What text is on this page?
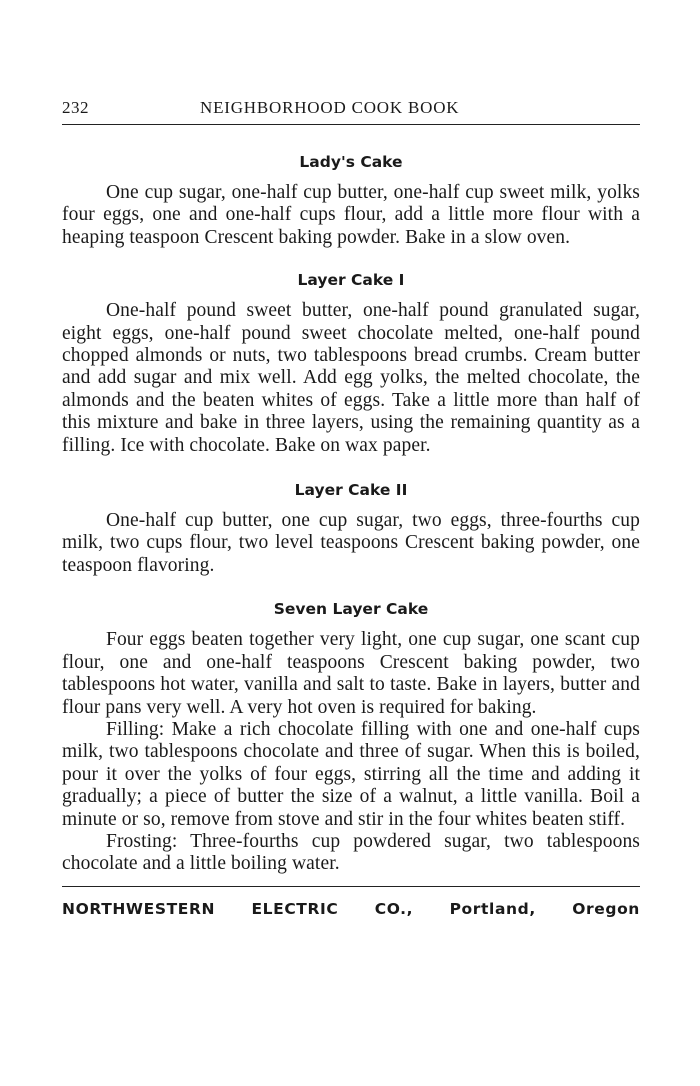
232	NEIGHBORHOOD COOK BOOK
Lady's Cake

One cup sugar, one-half cup butter, one-half cup sweet milk, yolks four eggs, one and one-half cups flour, add a little more flour with a heaping teaspoon Crescent baking powder. Bake in a slow oven.

Layer Cake I

One-half pound sweet butter, one-half pound granulated sugar, eight eggs, one-half pound sweet chocolate melted, one-half pound chopped almonds or nuts, two tablespoons bread crumbs. Cream butter and add sugar and mix well. Add egg yolks, the melted chocolate, the almonds and the beaten whites of eggs. Take a little more than half of this mixture and bake in three layers, using the remaining quantity as a filling. Ice with chocolate. Bake on wax paper.

Layer Cake II

One-half cup butter, one cup sugar, two eggs, three-fourths cup milk, two cups flour, two level teaspoons Crescent baking powder, one teaspoon flavoring.

Seven Layer Cake

Four eggs beaten together very light, one cup sugar, one scant cup flour, one and one-half teaspoons Crescent baking powder, two tablespoons hot water, vanilla and salt to taste. Bake in layers, butter and flour pans very well. A very hot oven is required for baking.

Filling: Make a rich chocolate filling with one and one-half cups milk, two tablespoons chocolate and three of sugar. When this is boiled, pour it over the yolks of four eggs, stirring all the time and adding it gradually; a piece of butter the size of a walnut, a little vanilla. Boil a minute or so, remove from stove and stir in the four whites beaten stiff.

Frosting: Three-fourths cup powdered sugar, two tablespoons chocolate and a little boiling water.

NORTHWESTERN ELECTRIC CO., Portland, Oregon
